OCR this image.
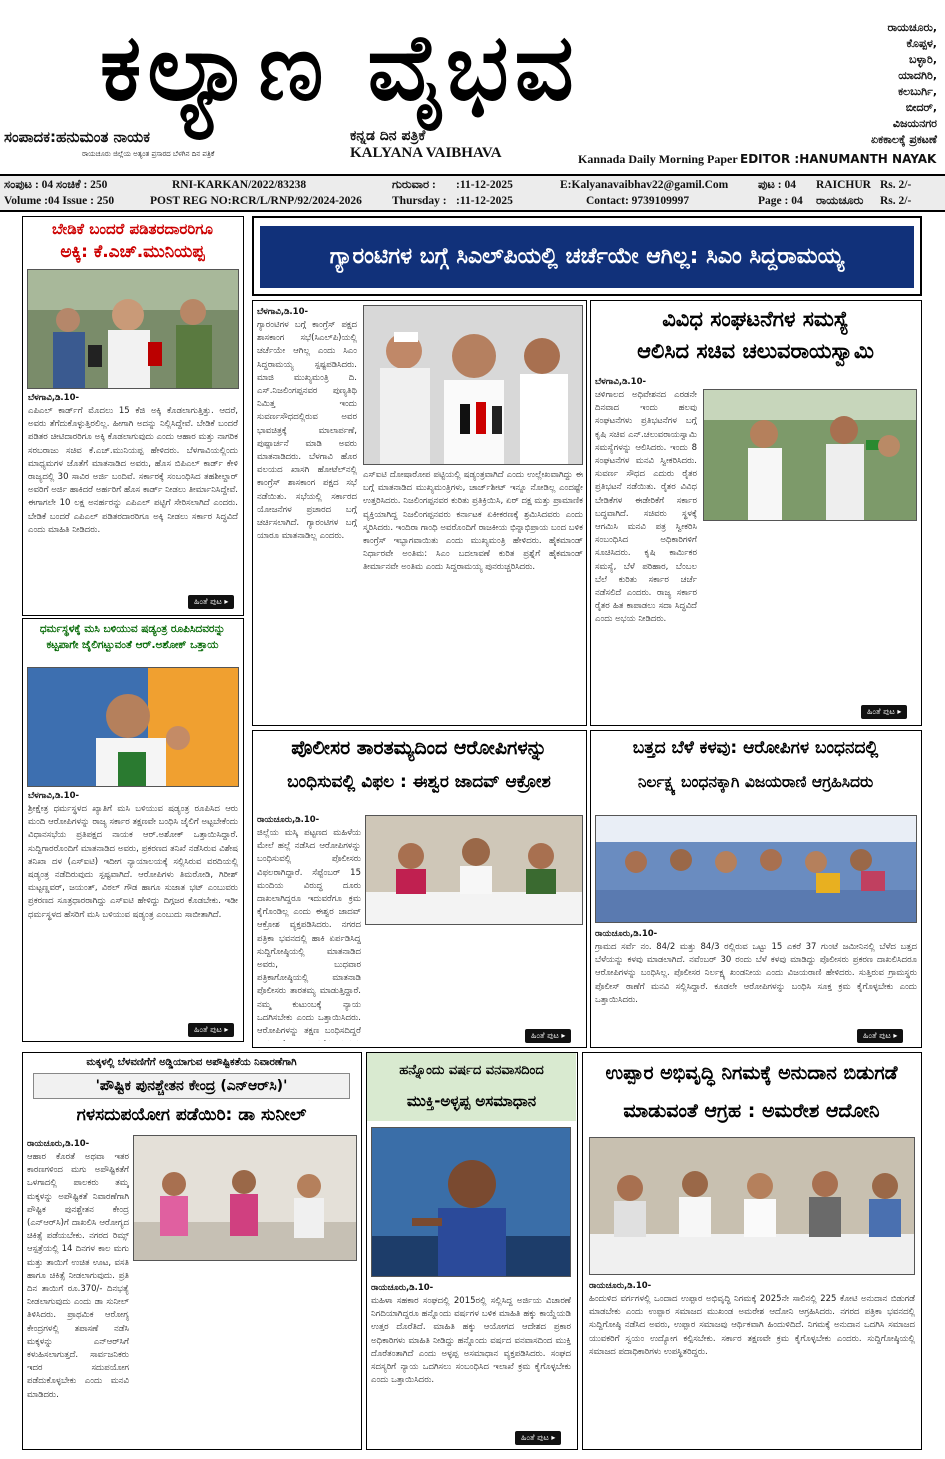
ಕಲ್ಯಾಣ ವೈಭವ	ರಾಯಚೂರು,
ಕೊಪ್ಪಳ,
ಬಳ್ಳಾರಿ,
ಯಾದಗಿರಿ,
ಕಲಬುರ್ಗಿ,
ಬೀದರ್,
ವಿಜಯನಗರ
ಏಕಕಾಲಕ್ಕೆ ಪ್ರಕಟಣೆ
ಸಂಪಾದಕ:ಹನುಮಂತ ನಾಯಕ
ರಾಯಚೂರು ಜಿಲ್ಲೆಯ ಅತ್ಯಂತ ಪ್ರಸಾರದ ಬೆಳಗಿನ ದಿನ ಪತ್ರಿಕೆ
ಕನ್ನಡ ದಿನ ಪತ್ರಿಕೆ
KALYANA VAIBHAVA	Kannada Daily Morning Paper EDITOR :HANUMANTH NAYAK
ಸಂಪುಟ : 04 ಸಂಚಿಕೆ : 250	RNI-KARKAN/2022/83238
Volume :04 Issue : 250	POST REG NO:RCR/L/RNP/92/2024-2026
ಗುರುವಾರ : :11-12-2025
Thursday : :11-12-2025
E:Kalyanavaibhav22@gamil.Com
Contact: 9739109997
ಪುಟ : 04
Page : 04
RAICHUR
ರಾಯಚೂರು
Rs. 2/-
Rs. 2/-
ಬೇಡಿಕೆ ಬಂದರೆ ಪಡಿತರದಾರರಿಗೂ
ಅಕ್ಕಿ: ಕೆ.ಎಚ್.ಮುನಿಯಪ್ಪ
ಬೆಳಗಾವಿ,ಡಿ.10-
ಎಪಿಎಲ್ ಕಾರ್ಡ್‌ಗೆ ಮೊದಲು 15 ಕೆಜಿ ಅಕ್ಕಿ ಕೊಡಲಾಗುತ್ತಿತ್ತು. ಆದರೆ, ಅವರು ತೆಗೆದುಕೊಳ್ಳುತ್ತಿರಲಿಲ್ಲ. ಹೀಗಾಗಿ ಅದನ್ನು ನಿಲ್ಲಿಸಿದ್ದೇವೆ. ಬೇಡಿಕೆ ಬಂದರೆ ಪಡಿತರ ಚೀಟಿದಾರರಿಗೂ ಅಕ್ಕಿ ಕೊಡಲಾಗುವುದು ಎಂದು ಆಹಾರ ಮತ್ತು ನಾಗರಿಕ ಸರಬರಾಜು ಸಚಿವ ಕೆ.ಎಚ್.ಮುನಿಯಪ್ಪ ಹೇಳಿದರು. ಬೆಳಗಾವಿಯಲ್ಲಿಂದು ಮಾಧ್ಯಮಗಳ ಜೊತೆಗೆ ಮಾತನಾಡಿದ ಅವರು, ಹೊಸ ಬಿಪಿಎಲ್ ಕಾರ್ಡ್ ಕೇಳಿ ರಾಜ್ಯದಲ್ಲಿ 30 ಸಾವಿರ ಅರ್ಜಿ ಬಂದಿವೆ. ಸರ್ಕಾರಕ್ಕೆ ಸಂಬಂಧಿಸಿದ ತಹಶೀಲ್ದಾರ್ ಅವರಿಗೆ ಅರ್ಜಿ ಹಾಕಿದರೆ ಅರ್ಹರಿಗೆ ಹೊಸ ಕಾರ್ಡ್ ನೀಡಲು ತೀರ್ಮಾನಿಸಿದ್ದೇವೆ. ಈಗಾಗಲೇ 10 ಲಕ್ಷ ಅನರ್ಹರನ್ನು ಎಪಿಎಲ್ ಪಟ್ಟಿಗೆ ಸೇರಿಸಲಾಗಿದೆ ಎಂದರು. ಬೇಡಿಕೆ ಬಂದರೆ ಎಪಿಎಲ್ ಪಡಿತರದಾರರಿಗೂ ಅಕ್ಕಿ ನೀಡಲು ಸರ್ಕಾರ ಸಿದ್ಧವಿದೆ ಎಂದು ಮಾಹಿತಿ ನೀಡಿದರು.
ಹಿಂತೆ ಪುಟ ▸
ಧರ್ಮಸ್ಥಳಕ್ಕೆ ಮಸಿ ಬಳಿಯುವ ಷಡ್ಯಂತ್ರ ರೂಪಿಸಿದವರನ್ನು
ಕಟ್ಟಪಾಗೇ ಜೈಲಿಗಟ್ಟುವಂತೆ ಆರ್.ಅಶೋಕ್ ಒತ್ತಾಯ
ಬೆಳಗಾವಿ,ಡಿ.10-
ಶ್ರೀಕ್ಷೇತ್ರ ಧರ್ಮಸ್ಥಳದ ಖ್ಯಾತಿಗೆ ಮಸಿ ಬಳಿಯುವ ಷಡ್ಯಂತ್ರ ರೂಪಿಸಿದ ಆರು ಮಂದಿ ಆರೋಪಿಗಳನ್ನು ರಾಜ್ಯ ಸರ್ಕಾರ ತಕ್ಷಣವೇ ಬಂಧಿಸಿ ಜೈಲಿಗೆ ಅಟ್ಟಬೇಕೆಂದು ವಿಧಾನಸಭೆಯ ಪ್ರತಿಪಕ್ಷದ ನಾಯಕ ಆರ್.ಅಶೋಕ್ ಒತ್ತಾಯಿಸಿದ್ದಾರೆ. ಸುದ್ದಿಗಾರರೊಂದಿಗೆ ಮಾತನಾಡಿದ ಅವರು, ಪ್ರಕರಣದ ತನಿಖೆ ನಡೆಸಿರುವ ವಿಶೇಷ ತನಿಖಾ ದಳ (ಎಸ್‌ಐಟಿ) ಇದೀಗ ನ್ಯಾಯಾಲಯಕ್ಕೆ ಸಲ್ಲಿಸಿರುವ ವರದಿಯಲ್ಲಿ ಷಡ್ಯಂತ್ರ ನಡೆದಿರುವುದು ಸ್ಪಷ್ಟವಾಗಿದೆ. ಆರೋಪಿಗಳು ತಿಮರೋಡಿ, ಗಿರೀಶ್ ಮಟ್ಟಣ್ಣವರ್, ಜಯಂತ್, ವಿಠಲ್ ಗೌಡ ಹಾಗೂ ಸುಜಾತ ಭಟ್ ಎಂಬುವರು ಪ್ರಕರಣದ ಸೂತ್ರಧಾರರಾಗಿದ್ದು ಎಸ್‌ಐಟಿ ಹೇಳಿದ್ದು ದಿಗ್ಗಜರ ಕೊಡಬೇಕು. ಇಡೀ ಧರ್ಮಸ್ಥಳದ ಹೆಸರಿಗೆ ಮಸಿ ಬಳಿಯುವ ಷಡ್ಯಂತ್ರ ಎಂಬುದು ಸಾಬೀತಾಗಿದೆ.
ಹಿಂತೆ ಪುಟ ▸
ಗ್ಯಾರಂಟಿಗಳ ಬಗ್ಗೆ ಸಿಎಲ್‌ಪಿಯಲ್ಲಿ ಚರ್ಚೆಯೇ ಆಗಿಲ್ಲ: ಸಿಎಂ ಸಿದ್ದರಾಮಯ್ಯ
ಬೆಳಗಾವಿ,ಡಿ.10-
ಗ್ಯಾರಂಟಿಗಳ ಬಗ್ಗೆ ಕಾಂಗ್ರೆಸ್ ಪಕ್ಷದ ಶಾಸಕಾಂಗ ಸಭೆ(ಸಿಎಲ್‌ಪಿ)ಯಲ್ಲಿ ಚರ್ಚೆಯೇ ಆಗಿಲ್ಲ ಎಂದು ಸಿಎಂ ಸಿದ್ದರಾಮಯ್ಯ ಸ್ಪಷ್ಟಪಡಿಸಿದರು. ಮಾಜಿ ಮುಖ್ಯಮಂತ್ರಿ ದಿ. ಎಸ್.ನಿಜಲಿಂಗಪ್ಪನವರ ಪುಣ್ಯತಿಥಿ ನಿಮಿತ್ತ ಇಂದು ಸುವರ್ಣಸೌಧದಲ್ಲಿರುವ ಅವರ ಭಾವಚಿತ್ರಕ್ಕೆ ಮಾಲಾರ್ಪಣೆ, ಪುಷ್ಪಾರ್ಚನೆ ಮಾಡಿ ಅವರು ಮಾತನಾಡಿದರು. ಬೆಳಗಾವಿ ಹೊರ ವಲಯದ ಖಾಸಗಿ ಹೋಟೆಲ್‌ನಲ್ಲಿ ಕಾಂಗ್ರೆಸ್ ಶಾಸಕಾಂಗ ಪಕ್ಷದ ಸಭೆ ನಡೆಯಿತು. ಸಭೆಯಲ್ಲಿ ಸರ್ಕಾರದ ಯೋಜನೆಗಳ ಪ್ರಚಾರದ ಬಗ್ಗೆ ಚರ್ಚಿಸಲಾಗಿದೆ. ಗ್ಯಾರಂಟಿಗಳ ಬಗ್ಗೆ ಯಾರೂ ಮಾತನಾಡಿಲ್ಲ ಎಂದರು.
ಎಸ್‌ಐಟಿ ದೋಷಾರೋಪ ಪಟ್ಟಿಯಲ್ಲಿ ಷಡ್ಯಂತ್ರವಾಗಿದೆ ಎಂದು ಉಲ್ಲೇಖವಾಗಿದ್ದು ಈ ಬಗ್ಗೆ ಮಾತನಾಡಿದ ಮುಖ್ಯಮಂತ್ರಿಗಳು, ಚಾರ್ಜ್‌ಶೀಟ್ ಇನ್ನೂ ನೋಡಿಲ್ಲ ಎಂದಷ್ಟೇ ಉತ್ತರಿಸಿದರು. ನಿಜಲಿಂಗಪ್ಪನವರ ಕುರಿತು ಪ್ರತಿಕ್ರಿಯಿಸಿ, ಏರ್ ದಕ್ಷ ಮತ್ತು ಪ್ರಾಮಾಣಿಕ ವ್ಯಕ್ತಿಯಾಗಿದ್ದ ನಿಜಲಿಂಗಪ್ಪನವರು ಕರ್ನಾಟಕ ಏಕೀಕರಣಕ್ಕೆ ಶ್ರಮಿಸಿದವರು ಎಂದು ಸ್ಮರಿಸಿದರು. ಇಂದಿರಾ ಗಾಂಧಿ ಅವರೊಂದಿಗೆ ರಾಜಕೀಯ ಭಿನ್ನಾಭಿಪ್ರಾಯ ಬಂದ ಬಳಿಕ ಕಾಂಗ್ರೆಸ್ ಇಬ್ಭಾಗವಾಯಿತು ಎಂದು ಮುಖ್ಯಮಂತ್ರಿ ಹೇಳಿದರು. ಹೈಕಮಾಂಡ್ ನಿರ್ಧಾರವೇ ಅಂತಿಮ: ಸಿಎಂ ಬದಲಾವಣೆ ಕುರಿತ ಪ್ರಶ್ನೆಗೆ ಹೈಕಮಾಂಡ್ ತೀರ್ಮಾನವೇ ಅಂತಿಮ ಎಂದು ಸಿದ್ದರಾಮಯ್ಯ ಪುನರುಚ್ಚರಿಸಿದರು.
ವಿವಿಧ ಸಂಘಟನೆಗಳ ಸಮಸ್ಯೆ
ಆಲಿಸಿದ ಸಚಿವ ಚಲುವರಾಯಸ್ವಾಮಿ
ಬೆಳಗಾವಿ,ಡಿ.10-
ಚಳಿಗಾಲದ ಅಧಿವೇಶನದ ಎರಡನೇ ದಿನವಾದ ಇಂದು ಹಲವು ಸಂಘಟನೆಗಳು ಪ್ರತಿಭಟನೆಗಳ ಬಗ್ಗೆ ಕೃಷಿ ಸಚಿವ ಎನ್.ಚಲುವರಾಯಸ್ವಾಮಿ ಸಮಸ್ಯೆಗಳನ್ನು ಆಲಿಸಿದರು. ಇಂದು 8 ಸಂಘಟನೆಗಳ ಮನವಿ ಸ್ವೀಕರಿಸಿದರು. ಸುವರ್ಣ ಸೌಧದ ಎದುರು ರೈತರ ಪ್ರತಿಭಟನೆ ನಡೆಯಿತು. ರೈತರ ವಿವಿಧ ಬೇಡಿಕೆಗಳ ಈಡೇರಿಕೆಗೆ ಸರ್ಕಾರ ಬದ್ಧವಾಗಿದೆ. ಸಚಿವರು ಸ್ಥಳಕ್ಕೆ ಆಗಮಿಸಿ ಮನವಿ ಪತ್ರ ಸ್ವೀಕರಿಸಿ ಸಂಬಂಧಿಸಿದ ಅಧಿಕಾರಿಗಳಿಗೆ ಸೂಚಿಸಿದರು. ಕೃಷಿ ಕಾರ್ಮಿಕರ ಸಮಸ್ಯೆ, ಬೆಳೆ ಪರಿಹಾರ, ಬೆಂಬಲ ಬೆಲೆ ಕುರಿತು ಸರ್ಕಾರ ಚರ್ಚೆ ನಡೆಸಲಿದೆ ಎಂದರು. ರಾಜ್ಯ ಸರ್ಕಾರ ರೈತರ ಹಿತ ಕಾಪಾಡಲು ಸದಾ ಸಿದ್ಧವಿದೆ ಎಂದು ಅಭಯ ನೀಡಿದರು.
ಹಿಂತೆ ಪುಟ ▸
ಪೊಲೀಸರ ತಾರತಮ್ಯದಿಂದ ಆರೋಪಿಗಳನ್ನು
ಬಂಧಿಸುವಲ್ಲಿ ವಿಫಲ : ಈಶ್ವರ ಜಾದವ್ ಆಕ್ರೋಶ
ರಾಯಚೂರು,ಡಿ.10-
ಜಿಲ್ಲೆಯ ಮಸ್ಕಿ ಪಟ್ಟಣದ ಮಹಿಳೆಯ ಮೇಲೆ ಹಲ್ಲೆ ನಡೆಸಿದ ಆರೋಪಿಗಳನ್ನು ಬಂಧಿಸುವಲ್ಲಿ ಪೊಲೀಸರು ವಿಫಲರಾಗಿದ್ದಾರೆ. ಸೆಪ್ಟೆಂಬರ್ 15 ಮಂದಿಯ ವಿರುದ್ಧ ದೂರು ದಾಖಲಾಗಿದ್ದರೂ ಇದುವರೆಗೂ ಕ್ರಮ ಕೈಗೊಂಡಿಲ್ಲ ಎಂದು ಈಶ್ವರ ಜಾದವ್ ಆಕ್ರೋಶ ವ್ಯಕ್ತಪಡಿಸಿದರು. ನಗರದ ಪತ್ರಿಕಾ ಭವನದಲ್ಲಿ ಹಾಕಿ ಏರ್ಪಡಿಸಿದ್ದ ಸುದ್ದಿಗೋಷ್ಠಿಯಲ್ಲಿ ಮಾತನಾಡಿದ ಅವರು, ಬುಧವಾರ ಪತ್ರಿಕಾಗೋಷ್ಠಿಯಲ್ಲಿ ಮಾತನಾಡಿ ಪೊಲೀಸರು ತಾರತಮ್ಯ ಮಾಡುತ್ತಿದ್ದಾರೆ. ನಮ್ಮ ಕುಟುಂಬಕ್ಕೆ ನ್ಯಾಯ ಒದಗಿಸಬೇಕು ಎಂದು ಒತ್ತಾಯಿಸಿದರು. ಆರೋಪಿಗಳನ್ನು ತಕ್ಷಣ ಬಂಧಿಸದಿದ್ದರೆ	ಹಿಂತೆ ಪುಟ ▸
ಬತ್ತದ ಬೆಳೆ ಕಳವು: ಆರೋಪಿಗಳ ಬಂಧನದಲ್ಲಿ
ನಿರ್ಲಕ್ಷ್ಯ ಬಂಧನಕ್ಕಾಗಿ ವಿಜಯರಾಣಿ ಆಗ್ರಹಿಸಿದರು
ರಾಯಚೂರು,ಡಿ.10-
ಗ್ರಾಮದ ಸರ್ವೆ ನಂ. 84/2 ಮತ್ತು 84/3 ರಲ್ಲಿರುವ ಒಟ್ಟು 15 ಎಕರೆ 37 ಗುಂಟೆ ಜಮೀನಿನಲ್ಲಿ ಬೆಳೆದ ಬತ್ತದ ಬೆಳೆಯನ್ನು ಕಳವು ಮಾಡಲಾಗಿದೆ. ನವೆಂಬರ್ 30 ರಂದು ಬೆಳೆ ಕಳವು ಮಾಡಿದ್ದು ಪೊಲೀಸರು ಪ್ರಕರಣ ದಾಖಲಿಸಿದರೂ ಆರೋಪಿಗಳನ್ನು ಬಂಧಿಸಿಲ್ಲ. ಪೊಲೀಸರ ನಿರ್ಲಕ್ಷ್ಯ ಖಂಡನೀಯ ಎಂದು ವಿಜಯರಾಣಿ ಹೇಳಿದರು. ಸುತ್ತಿರುವ ಗ್ರಾಮಸ್ಥರು ಪೊಲೀಸ್ ಠಾಣೆಗೆ ಮನವಿ ಸಲ್ಲಿಸಿದ್ದಾರೆ. ಕೂಡಲೇ ಆರೋಪಿಗಳನ್ನು ಬಂಧಿಸಿ ಸೂಕ್ತ ಕ್ರಮ ಕೈಗೊಳ್ಳಬೇಕು ಎಂದು ಒತ್ತಾಯಿಸಿದರು.
ಹಿಂತೆ ಪುಟ ▸
ಮಕ್ಕಳಲ್ಲಿ ಬೆಳವಣಿಗೆಗೆ ಅಡ್ಡಿಯಾಗುವ ಅಪೌಷ್ಟಿಕತೆಯ ನಿವಾರಣೆಗಾಗಿ
'ಪೌಷ್ಟಿಕ ಪುನಶ್ಚೇತನ ಕೇಂದ್ರ (ಎನ್‌ಆರ್‌ಸಿ)'
ಗಳಸದುಪಯೋಗ ಪಡೆಯಿರಿ: ಡಾ ಸುನೀಲ್
ರಾಯಚೂರು,ಡಿ.10-
ಆಹಾರ ಕೊರತೆ ಅಥವಾ ಇತರ ಕಾರಣಗಳಿಂದ ಮಗು ಅಪೌಷ್ಟಿಕತೆಗೆ ಒಳಗಾದಲ್ಲಿ ಪಾಲಕರು ತಮ್ಮ ಮಕ್ಕಳನ್ನು ಅಪೌಷ್ಟಿಕತೆ ನಿವಾರಣೆಗಾಗಿ ಪೌಷ್ಟಿಕ ಪುನಶ್ಚೇತನ ಕೇಂದ್ರ (ಎನ್‌ಆರ್‌ಸಿ)ಗೆ ದಾಖಲಿಸಿ ಆರೋಗ್ಯದ ಚಿಕಿತ್ಸೆ ಪಡೆಯಬೇಕು. ನಗರದ ರಿಮ್ಸ್ ಆಸ್ಪತ್ರೆಯಲ್ಲಿ 14 ದಿನಗಳ ಕಾಲ ಮಗು ಮತ್ತು ತಾಯಿಗೆ ಉಚಿತ ಊಟ, ವಸತಿ ಹಾಗೂ ಚಿಕಿತ್ಸೆ ನೀಡಲಾಗುವುದು. ಪ್ರತಿ ದಿನ ತಾಯಿಗೆ ರೂ.370/- ದಿನಭತ್ಯೆ ನೀಡಲಾಗುವುದು ಎಂದು ಡಾ ಸುನೀಲ್ ತಿಳಿಸಿದರು. ಪ್ರಾಥಮಿಕ ಆರೋಗ್ಯ ಕೇಂದ್ರಗಳಲ್ಲಿ ತಪಾಸಣೆ ನಡೆಸಿ ಮಕ್ಕಳನ್ನು ಎನ್‌ಆರ್‌ಸಿಗೆ ಕಳುಹಿಸಲಾಗುತ್ತದೆ. ಸಾರ್ವಜನಿಕರು ಇದರ ಸದುಪಯೋಗ ಪಡೆದುಕೊಳ್ಳಬೇಕು ಎಂದು ಮನವಿ ಮಾಡಿದರು.
ಹನ್ನೊಂದು ವರ್ಷದ ವನವಾಸದಿಂದ
ಮುಕ್ತಿ-ಅಳ್ಳಪ್ಪ ಅಸಮಾಧಾನ
ರಾಯಚೂರು,ಡಿ.10-
ಮಹಿಳಾ ಸಹಕಾರ ಸಂಘದಲ್ಲಿ 2015ರಲ್ಲಿ ಸಲ್ಲಿಸಿದ್ದ ಅರ್ಜಿಯ ವಿಚಾರಣೆ ನಿಗದಿಯಾಗಿದ್ದರೂ ಹನ್ನೊಂದು ವರ್ಷಗಳ ಬಳಿಕ ಮಾಹಿತಿ ಹಕ್ಕು ಕಾಯ್ದೆಯಡಿ ಉತ್ತರ ದೊರೆತಿದೆ. ಮಾಹಿತಿ ಹಕ್ಕು ಆಯೋಗದ ಆದೇಶದ ಪ್ರಕಾರ ಅಧಿಕಾರಿಗಳು ಮಾಹಿತಿ ನೀಡಿದ್ದು ಹನ್ನೊಂದು ವರ್ಷದ ವನವಾಸದಿಂದ ಮುಕ್ತಿ ದೊರೆತಂತಾಗಿದೆ ಎಂದು ಅಳ್ಳಪ್ಪ ಅಸಮಾಧಾನ ವ್ಯಕ್ತಪಡಿಸಿದರು. ಸಂಘದ ಸದಸ್ಯರಿಗೆ ನ್ಯಾಯ ಒದಗಿಸಲು ಸಂಬಂಧಿಸಿದ ಇಲಾಖೆ ಕ್ರಮ ಕೈಗೊಳ್ಳಬೇಕು ಎಂದು ಒತ್ತಾಯಿಸಿದರು.
ಹಿಂತೆ ಪುಟ ▸
ಉಪ್ಪಾರ ಅಭಿವೃದ್ಧಿ ನಿಗಮಕ್ಕೆ ಅನುದಾನ ಬಿಡುಗಡೆ
ಮಾಡುವಂತೆ ಆಗ್ರಹ : ಅಮರೇಶ ಆದೋನಿ
ರಾಯಚೂರು,ಡಿ.10-
ಹಿಂದುಳಿದ ವರ್ಗಗಳಲ್ಲಿ ಒಂದಾದ ಉಪ್ಪಾರ ಅಭಿವೃದ್ಧಿ ನಿಗಮಕ್ಕೆ 2025ನೇ ಸಾಲಿನಲ್ಲಿ 225 ಕೋಟಿ ಅನುದಾನ ಬಿಡುಗಡೆ ಮಾಡಬೇಕು ಎಂದು ಉಪ್ಪಾರ ಸಮಾಜದ ಮುಖಂಡ ಅಮರೇಶ ಆದೋನಿ ಆಗ್ರಹಿಸಿದರು. ನಗರದ ಪತ್ರಿಕಾ ಭವನದಲ್ಲಿ ಸುದ್ದಿಗೋಷ್ಠಿ ನಡೆಸಿದ ಅವರು, ಉಪ್ಪಾರ ಸಮಾಜವು ಆರ್ಥಿಕವಾಗಿ ಹಿಂದುಳಿದಿದೆ. ನಿಗಮಕ್ಕೆ ಅನುದಾನ ಒದಗಿಸಿ ಸಮಾಜದ ಯುವಕರಿಗೆ ಸ್ವಯಂ ಉದ್ಯೋಗ ಕಲ್ಪಿಸಬೇಕು. ಸರ್ಕಾರ ತಕ್ಷಣವೇ ಕ್ರಮ ಕೈಗೊಳ್ಳಬೇಕು ಎಂದರು. ಸುದ್ದಿಗೋಷ್ಠಿಯಲ್ಲಿ ಸಮಾಜದ ಪದಾಧಿಕಾರಿಗಳು ಉಪಸ್ಥಿತರಿದ್ದರು.
